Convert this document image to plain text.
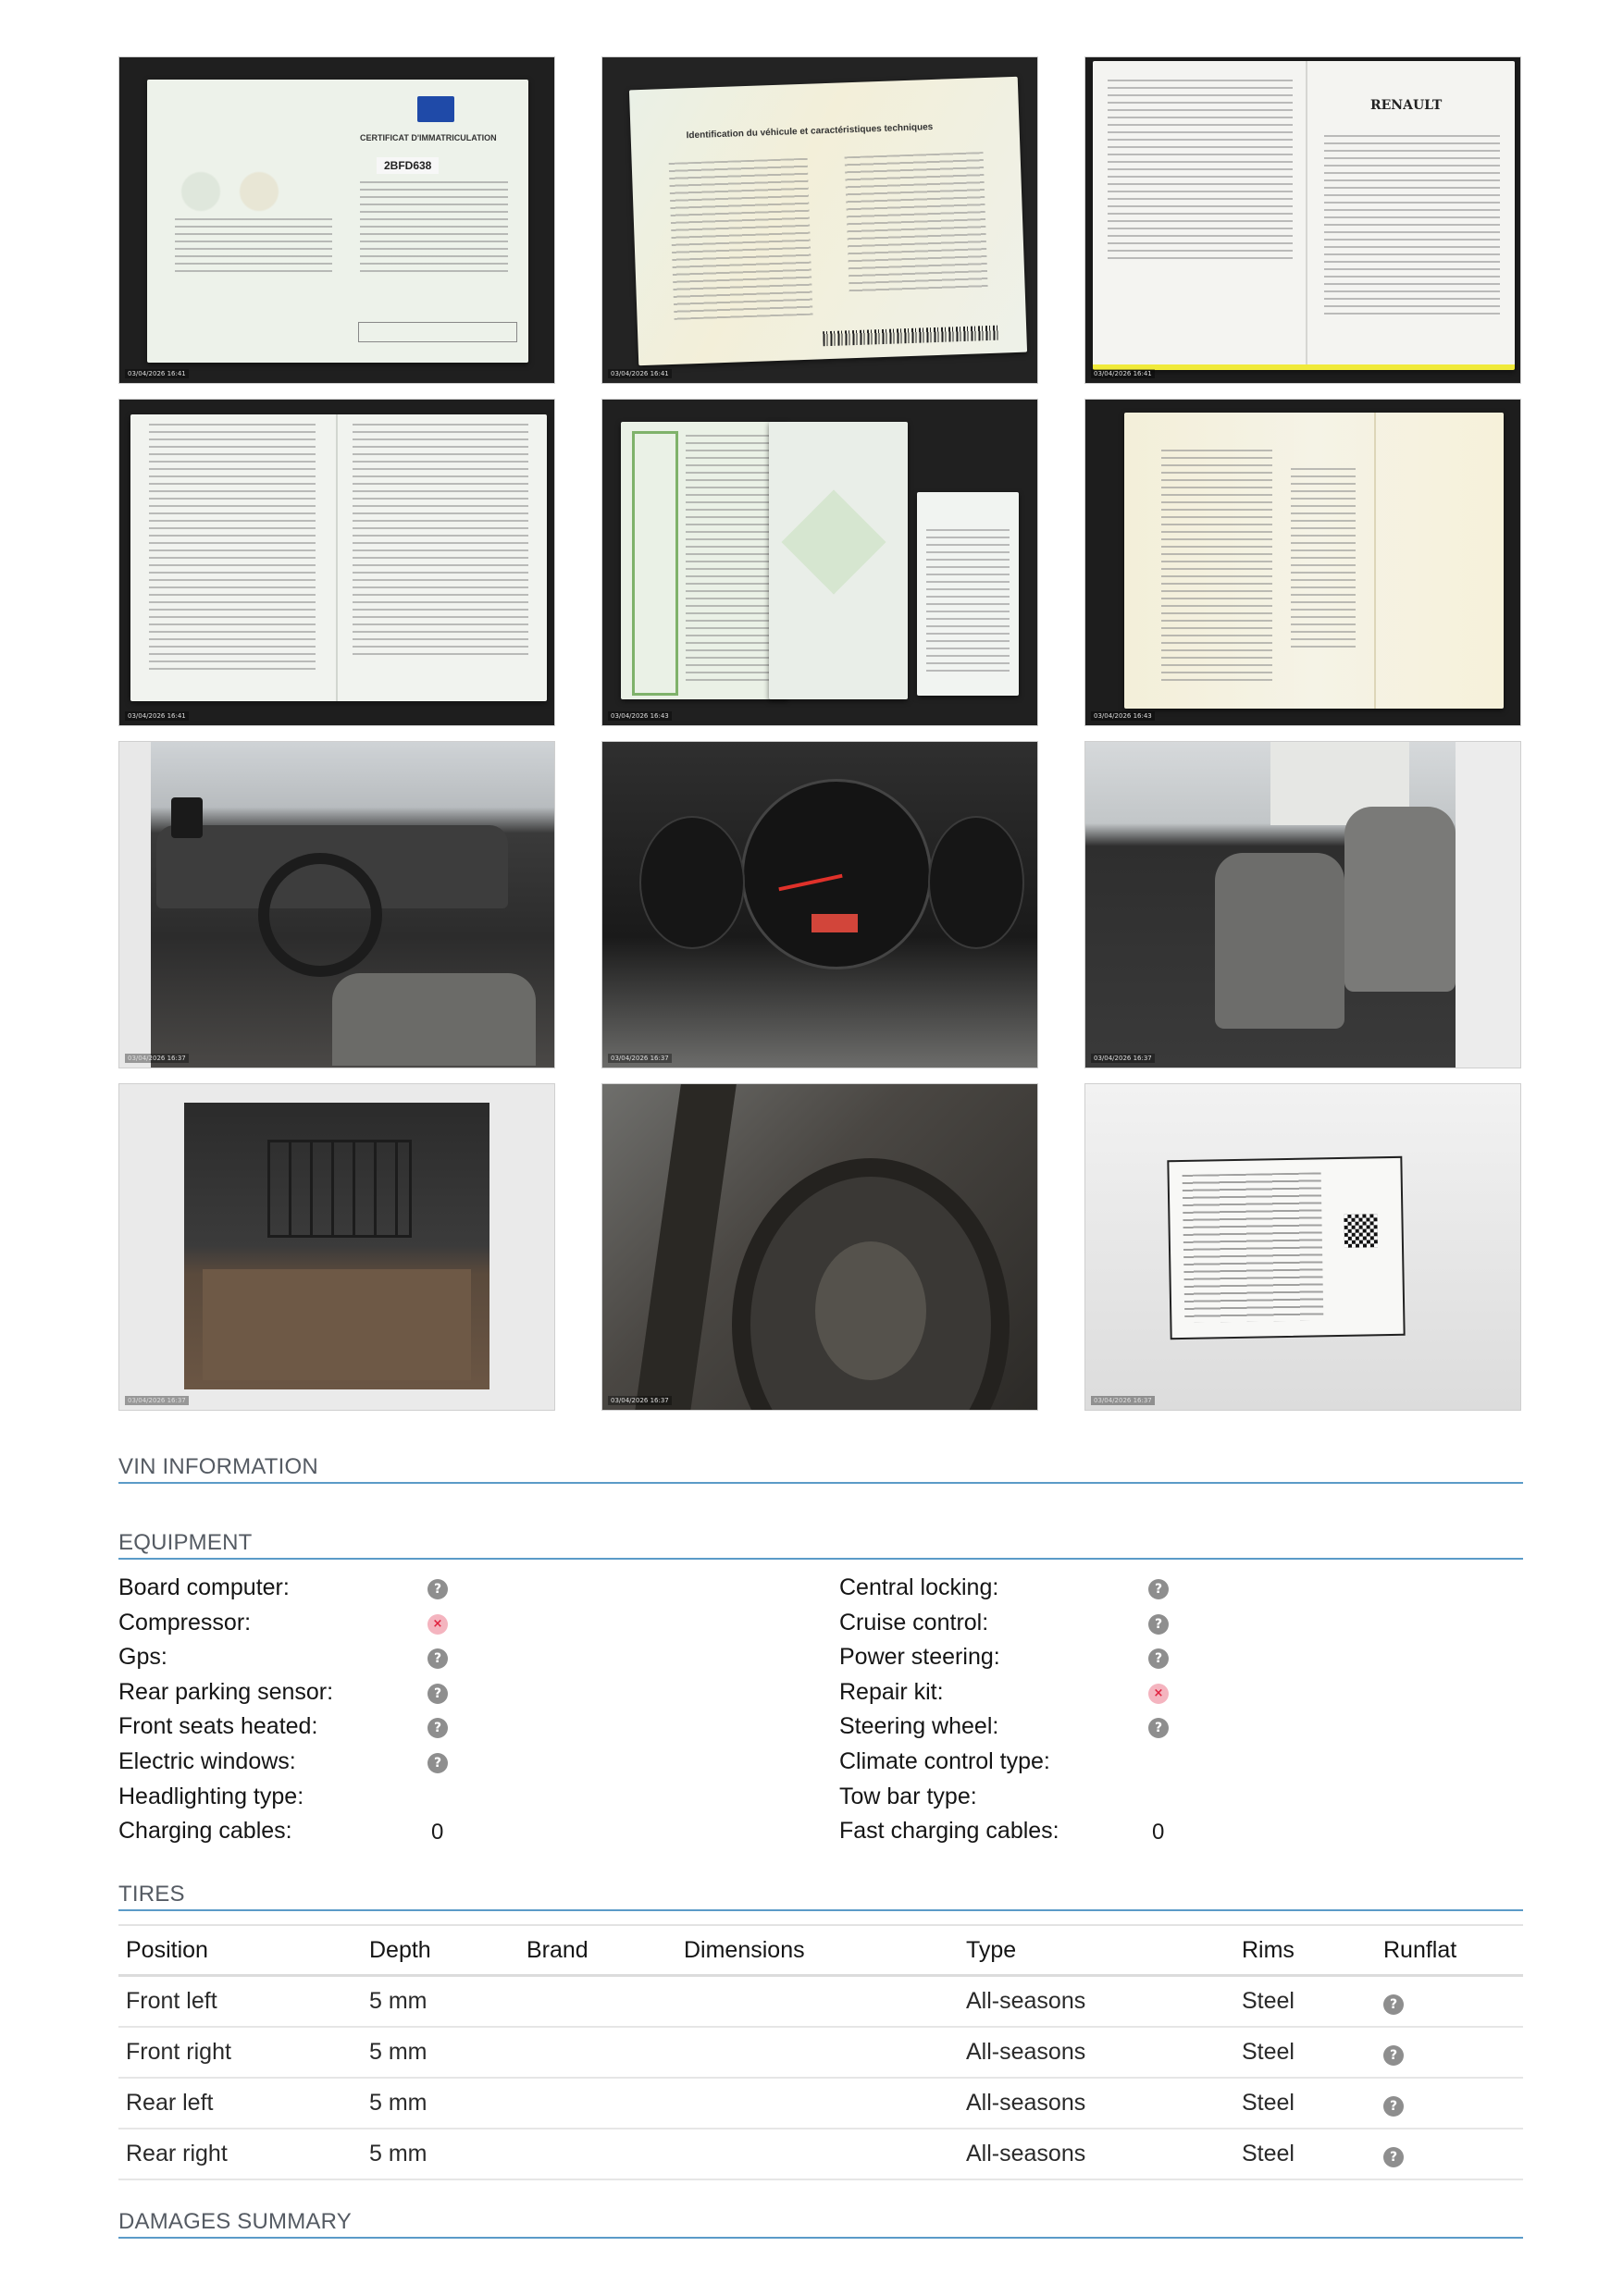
CERTIFICAT D'IMMATRICULATION
2BFD638
03/04/2026 16:41
Identification du véhicule et caractéristiques techniques
03/04/2026 16:41
RENAULT
03/04/2026 16:41
03/04/2026 16:41	03/04/2026 16:43	03/04/2026 16:43
03/04/2026 16:37	03/04/2026 16:37	03/04/2026 16:37
03/04/2026 16:37	03/04/2026 16:37	03/04/2026 16:37
VIN INFORMATION
EQUIPMENT
Board computer:	?
Compressor:	×
Gps:	?
Rear parking sensor:	?
Front seats heated:	?
Electric windows:	?
Headlighting type:
Charging cables:	0
Central locking:	?
Cruise control:	?
Power steering:	?
Repair kit:	×
Steering wheel:	?
Climate control type:
Tow bar type:
Fast charging cables:	0
TIRES
Position	Depth	Brand	Dimensions	Type	Rims	Runflat
Front left	5 mm			All-seasons	Steel	?
Front right	5 mm			All-seasons	Steel	?
Rear left	5 mm			All-seasons	Steel	?
Rear right	5 mm			All-seasons	Steel	?
DAMAGES SUMMARY
